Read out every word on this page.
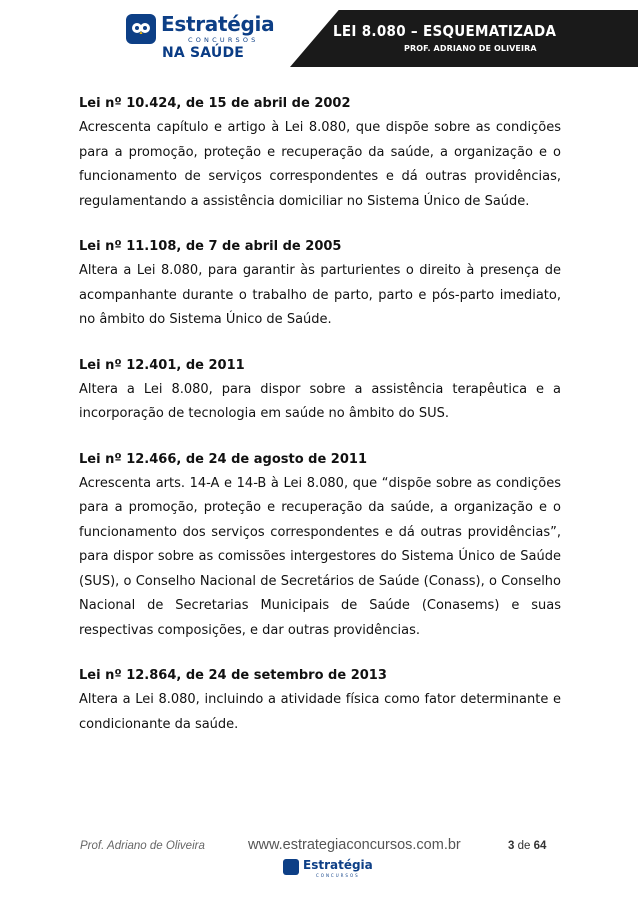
Estratégia
CONCURSOS
NA SAÚDE
LEI 8.080 – ESQUEMATIZADA
PROF. ADRIANO DE OLIVEIRA
Lei nº 10.424, de 15 de abril de 2002
Acrescenta capítulo e artigo à Lei 8.080, que dispõe sobre as condições para a promoção, proteção e recuperação da saúde, a organização e o funcionamento de serviços correspondentes e dá outras providências, regulamentando a assistência domiciliar no Sistema Único de Saúde.
Lei nº 11.108, de 7 de abril de 2005
Altera a Lei 8.080, para garantir às parturientes o direito à presença de acompanhante durante o trabalho de parto, parto e pós-parto imediato, no âmbito do Sistema Único de Saúde.
Lei nº 12.401, de 2011
Altera a Lei 8.080, para dispor sobre a assistência terapêutica e a incorporação de tecnologia em saúde no âmbito do SUS.
Lei nº 12.466, de 24 de agosto de 2011
Acrescenta arts. 14-A e 14-B à Lei 8.080, que “dispõe sobre as condições para a promoção, proteção e recuperação da saúde, a organização e o funcionamento dos serviços correspondentes e dá outras providências”, para dispor sobre as comissões intergestores do Sistema Único de Saúde (SUS), o Conselho Nacional de Secretários de Saúde (Conass), o Conselho Nacional de Secretarias Municipais de Saúde (Conasems) e suas respectivas composições, e dar outras providências.
Lei nº 12.864, de 24 de setembro de 2013
Altera a Lei 8.080, incluindo a atividade física como fator determinante e condicionante da saúde.
Prof. Adriano de Oliveira	www.estrategiaconcursos.com.br	3 de 64
Estratégia
CONCURSOS
